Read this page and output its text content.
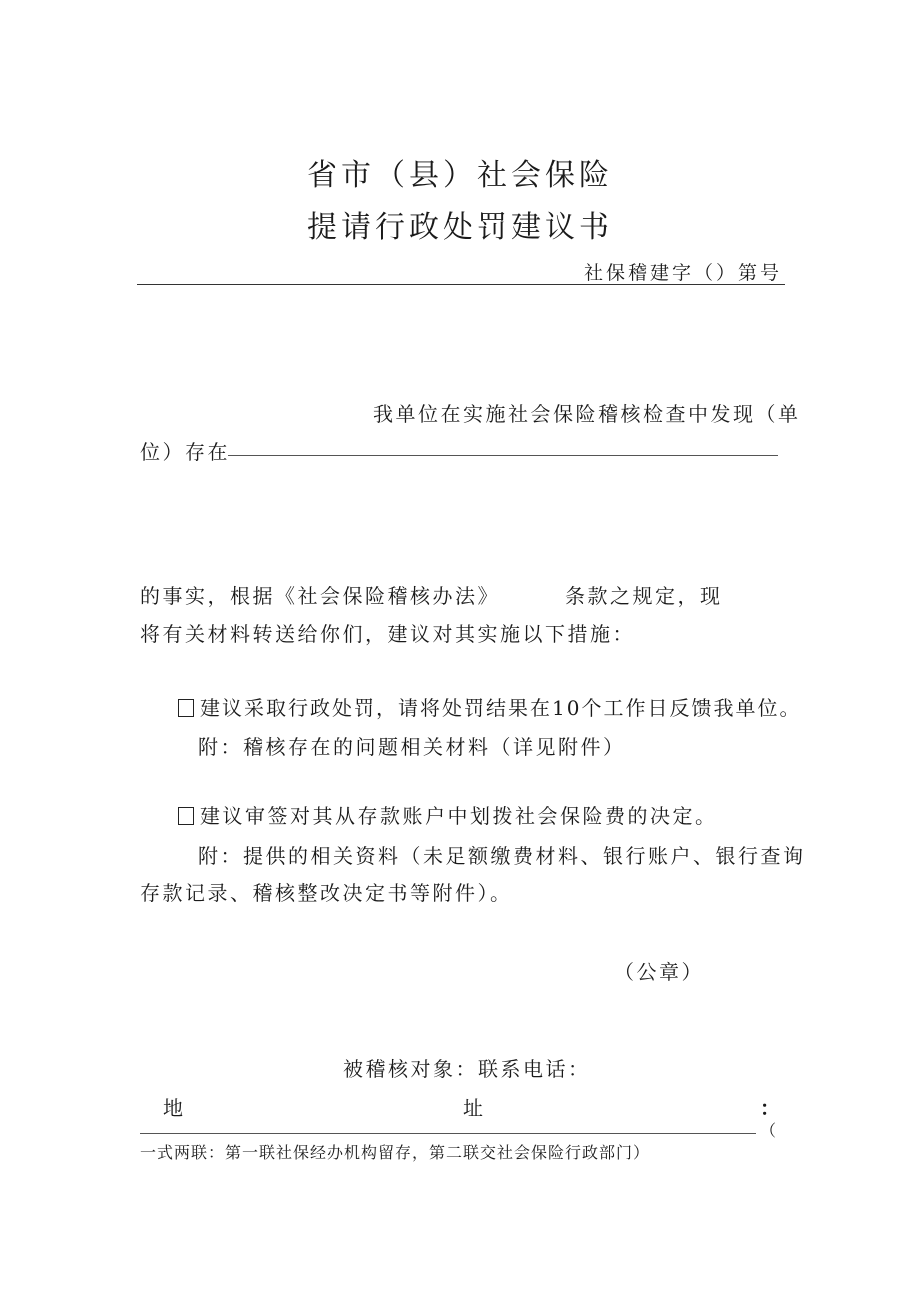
省市（县）社会保险
提请行政处罚建议书
社保稽建字（）第号
我单位在实施社会保险稽核检查中发现（单
位）存在
的事实，根据《社会保险稽核办法》	条款之规定，现
将有关材料转送给你们，建议对其实施以下措施：
建议采取行政处罚，请将处罚结果在10个工作日反馈我单位。
附：稽核存在的问题相关材料（详见附件）
建议审签对其从存款账户中划拨社会保险费的决定。
附：提供的相关资料（未足额缴费材料、银行账户、银行查询
存款记录、稽核整改决定书等附件）。
（公章）
被稽核对象：联系电话：
地	址	：
（
一式两联：第一联社保经办机构留存，第二联交社会保险行政部门）
